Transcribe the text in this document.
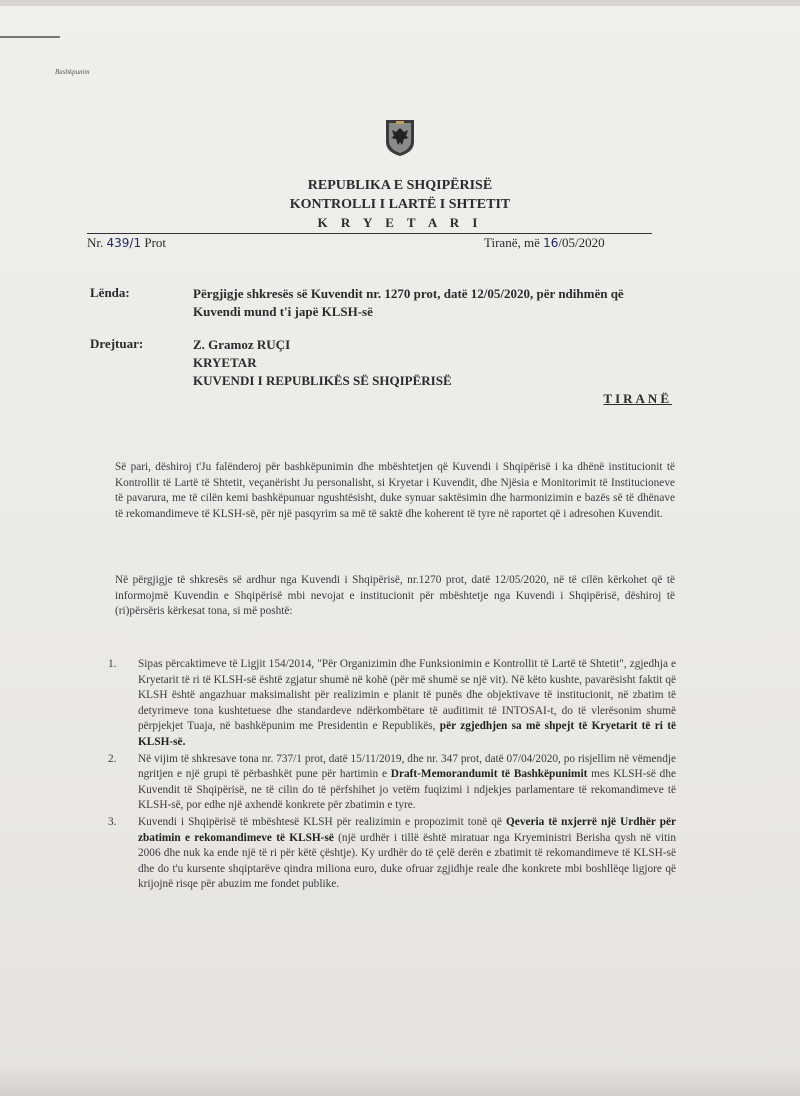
Bashkpunim
REPUBLIKA E SHQIPËRISË
KONTROLLI I LARTË I SHTETIT
K R Y E T A R I
Nr. 439/1 Prot	Tiranë, më 16/05/2020
Lënda:	Përgjigje shkresës së Kuvendit nr. 1270 prot, datë 12/05/2020, për ndihmën që Kuvendi mund t'i japë KLSH-së
Drejtuar:	Z. Gramoz RUÇI
KRYETAR
KUVENDI I REPUBLIKËS SË SHQIPËRISË
TIRANË
Së pari, dëshiroj t'Ju falënderoj për bashkëpunimin dhe mbështetjen që Kuvendi i Shqipërisë i ka dhënë institucionit të Kontrollit të Lartë të Shtetit, veçanërisht Ju personalisht, si Kryetar i Kuvendit, dhe Njësia e Monitorimit të Institucioneve të pavarura, me të cilën kemi bashkëpunuar ngushtësisht, duke synuar saktësimin dhe harmonizimin e bazës së të dhënave të rekomandimeve të KLSH-së, për një pasqyrim sa më të saktë dhe koherent të tyre në raportet që i adresohen Kuvendit.
Në përgjigje të shkresës së ardhur nga Kuvendi i Shqipërisë, nr.1270 prot, datë 12/05/2020, në të cilën kërkohet që të informojmë Kuvendin e Shqipërisë mbi nevojat e institucionit për mbështetje nga Kuvendi i Shqipërisë, dëshiroj të (ri)përsëris kërkesat tona, si më poshtë:
1.	Sipas përcaktimeve të Ligjit 154/2014, "Për Organizimin dhe Funksionimin e Kontrollit të Lartë të Shtetit", zgjedhja e Kryetarit të ri të KLSH-së është zgjatur shumë në kohë (për më shumë se një vit). Në këto kushte, pavarësisht faktit që KLSH është angazhuar maksimalisht për realizimin e planit të punës dhe objektivave të institucionit, në zbatim të detyrimeve tona kushtetuese dhe standardeve ndërkombëtare të auditimit të INTOSAI-t, do të vlerësonim shumë përpjekjet Tuaja, në bashkëpunim me Presidentin e Republikës, për zgjedhjen sa më shpejt të Kryetarit të ri të KLSH-së.
2.	Në vijim të shkresave tona nr. 737/1 prot, datë 15/11/2019, dhe nr. 347 prot, datë 07/04/2020, po risjellim në vëmendje ngritjen e një grupi të përbashkët pune për hartimin e Draft-Memorandumit të Bashkëpunimit mes KLSH-së dhe Kuvendit të Shqipërisë, ne të cilin do të përfshihet jo vetëm fuqizimi i ndjekjes parlamentare të rekomandimeve të KLSH-së, por edhe një axhendë konkrete për zbatimin e tyre.
3.	Kuvendi i Shqipërisë të mbështesë KLSH për realizimin e propozimit tonë që Qeveria të nxjerrë një Urdhër për zbatimin e rekomandimeve të KLSH-së (një urdhër i tillë është miratuar nga Kryeministri Berisha qysh në vitin 2006 dhe nuk ka ende një të ri për këtë çështje). Ky urdhër do të çelë derën e zbatimit të rekomandimeve të KLSH-së dhe do t'u kursente shqiptarëve qindra milionа euro, duke ofruar zgjidhje reale dhe konkrete mbi boshllëqe ligjore që krijojnë risqe për abuzim me fondet publike.
